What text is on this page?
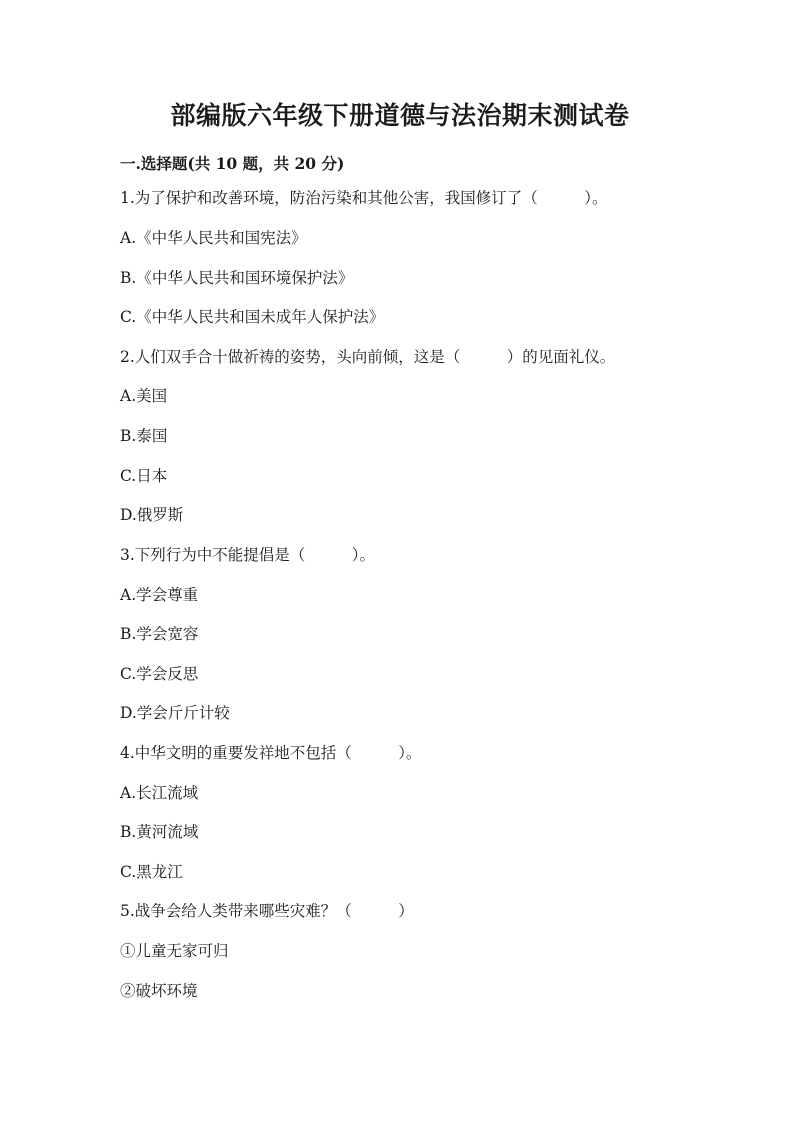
部编版六年级下册道德与法治期末测试卷
一.选择题(共 10 题，共 20 分)
1.为了保护和改善环境，防治污染和其他公害，我国修订了（　　　）。
A.《中华人民共和国宪法》
B.《中华人民共和国环境保护法》
C.《中华人民共和国未成年人保护法》
2.人们双手合十做祈祷的姿势，头向前倾，这是（　　　）的见面礼仪。
A.美国
B.泰国
C.日本
D.俄罗斯
3.下列行为中不能提倡是（　　　）。
A.学会尊重
B.学会宽容
C.学会反思
D.学会斤斤计较
4.中华文明的重要发祥地不包括（　　　）。
A.长江流域
B.黄河流域
C.黑龙江
5.战争会给人类带来哪些灾难？（　　　）
①儿童无家可归
②破坏环境
